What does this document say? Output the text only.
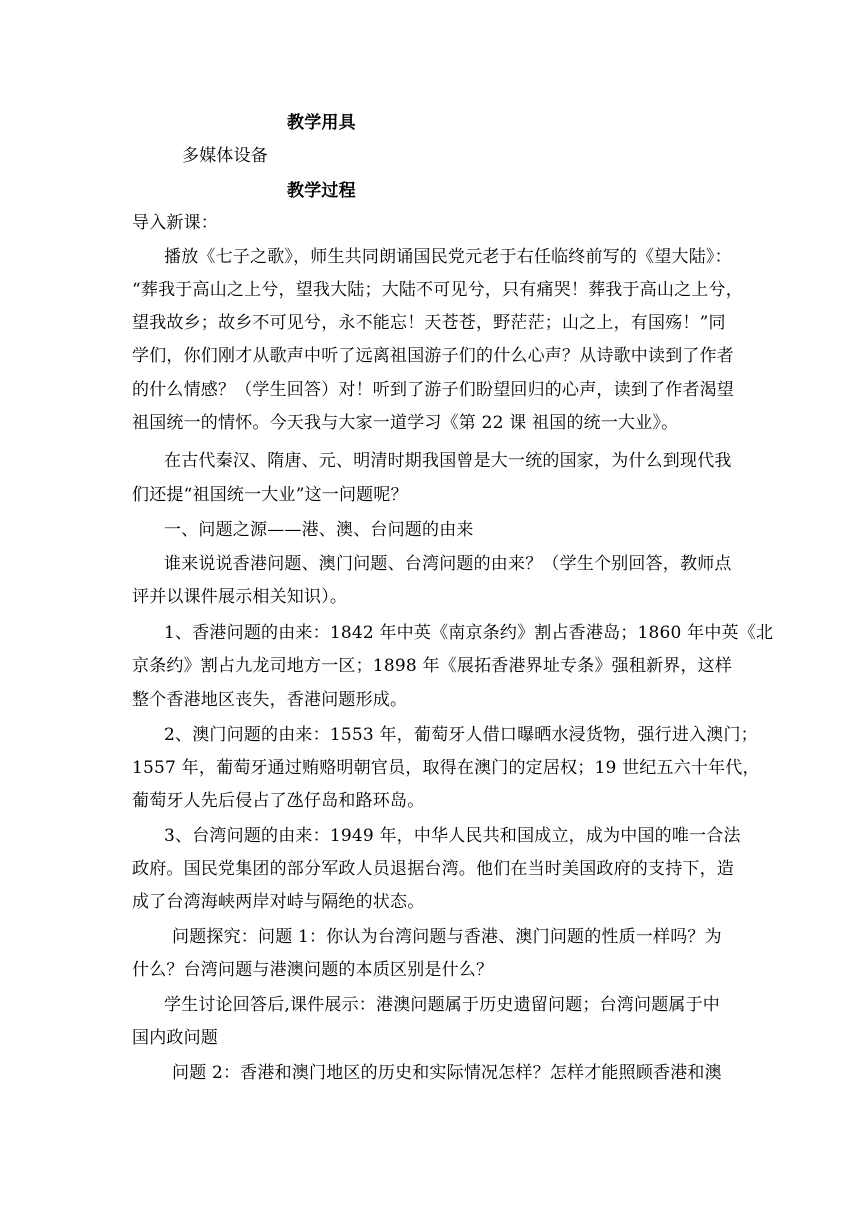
教学用具
多媒体设备
教学过程
导入新课：
播放《七子之歌》，师生共同朗诵国民党元老于右任临终前写的《望大陆》：
“葬我于高山之上兮，望我大陆；大陆不可见兮，只有痛哭！葬我于高山之上兮，
望我故乡；故乡不可见兮，永不能忘！天苍苍，野茫茫；山之上，有国殇！”同
学们，你们刚才从歌声中听了远离祖国游子们的什么心声？从诗歌中读到了作者
的什么情感？（学生回答）对！听到了游子们盼望回归的心声，读到了作者渴望
祖国统一的情怀。今天我与大家一道学习《第 22 课 祖国的统一大业》。
在古代秦汉、隋唐、元、明清时期我国曾是大一统的国家，为什么到现代我
们还提“祖国统一大业”这一问题呢？
一、问题之源——港、澳、台问题的由来
谁来说说香港问题、澳门问题、台湾问题的由来？（学生个别回答，教师点
评并以课件展示相关知识）。
1、香港问题的由来：1842 年中英《南京条约》割占香港岛；1860 年中英《北
京条约》割占九龙司地方一区；1898 年《展拓香港界址专条》强租新界，这样
整个香港地区丧失，香港问题形成。
2、澳门问题的由来：1553 年，葡萄牙人借口曝晒水浸货物，强行进入澳门；
1557 年，葡萄牙通过贿赂明朝官员，取得在澳门的定居权；19 世纪五六十年代，
葡萄牙人先后侵占了氹仔岛和路环岛。
3、台湾问题的由来：1949 年，中华人民共和国成立，成为中国的唯一合法
政府。国民党集团的部分军政人员退据台湾。他们在当时美国政府的支持下，造
成了台湾海峡两岸对峙与隔绝的状态。
问题探究：问题 1：你认为台湾问题与香港、澳门问题的性质一样吗？为
什么？台湾问题与港澳问题的本质区别是什么？
学生讨论回答后,课件展示：港澳问题属于历史遗留问题；台湾问题属于中
国内政问题
问题 2：香港和澳门地区的历史和实际情况怎样？怎样才能照顾香港和澳
